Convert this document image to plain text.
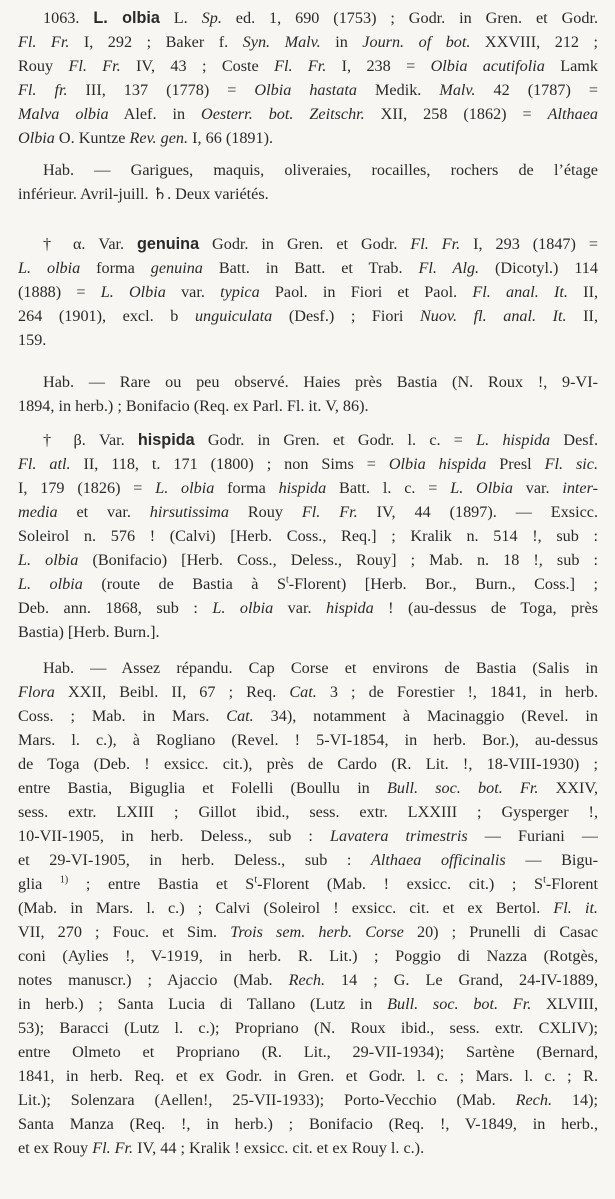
1063. L. olbia L. Sp. ed. 1, 690 (1753) ; Godr. in Gren. et Godr.
Fl. Fr. I, 292 ; Baker f. Syn. Malv. in Journ. of bot. XXVIII, 212 ;
Rouy Fl. Fr. IV, 43 ; Coste Fl. Fr. I, 238 = Olbia acutifolia Lamk
Fl. fr. III, 137 (1778) = Olbia hastata Medik. Malv. 42 (1787) =
Malva olbia Alef. in Oesterr. bot. Zeitschr. XII, 258 (1862) = Althaea
Olbia O. Kuntze Rev. gen. I, 66 (1891).
Hab. — Garigues, maquis, oliveraies, rocailles, rochers de l’étage
inférieur. Avril-juill. ♄. Deux variétés.
† α. Var. genuina Godr. in Gren. et Godr. Fl. Fr. I, 293 (1847) =
L. olbia forma genuina Batt. in Batt. et Trab. Fl. Alg. (Dicotyl.) 114
(1888) = L. Olbia var. typica Paol. in Fiori et Paol. Fl. anal. It. II,
264 (1901), excl. b unguiculata (Desf.) ; Fiori Nuov. fl. anal. It. II,
159.
Hab. — Rare ou peu observé. Haies près Bastia (N. Roux !, 9-VI-
1894, in herb.) ; Bonifacio (Req. ex Parl. Fl. it. V, 86).
† β. Var. hispida Godr. in Gren. et Godr. l. c. = L. hispida Desf.
Fl. atl. II, 118, t. 171 (1800) ; non Sims = Olbia hispida Presl Fl. sic.
I, 179 (1826) = L. olbia forma hispida Batt. l. c. = L. Olbia var. inter-
media et var. hirsutissima Rouy Fl. Fr. IV, 44 (1897). — Exsicc.
Soleirol n. 576 ! (Calvi) [Herb. Coss., Req.] ; Kralik n. 514 !, sub :
L. olbia (Bonifacio) [Herb. Coss., Deless., Rouy] ; Mab. n. 18 !, sub :
L. olbia (route de Bastia à $S^t-Florent$) [Herb. Bor., Burn., Coss.] ;
Deb. ann. 1868, sub : L. olbia var. hispida ! (au-dessus de Toga, près
Bastia) [Herb. Burn.].
Hab. — Assez répandu. Cap Corse et environs de Bastia (Salis in
Flora XXII, Beibl. II, 67 ; Req. Cat. 3 ; de Forestier !, 1841, in herb.
Coss. ; Mab. in Mars. Cat. 34), notamment à Macinaggio (Revel. in
Mars. l. c.), à Rogliano (Revel. ! 5-VI-1854, in herb. Bor.), au-dessus
de Toga (Deb. ! exsicc. cit.), près de Cardo (R. Lit. !, 18-VIII-1930) ;
entre Bastia, Biguglia et Folelli (Boullu in Bull. soc. bot. Fr. XXIV,
sess. extr. LXIII ; Gillot ibid., sess. extr. LXXIII ; Gysperger !,
10-VII-1905, in herb. Deless., sub : Lavatera trimestris — Furiani —
et 29-VI-1905, in herb. Deless., sub : Althaea officinalis — Bigu-
glia $^{1)}$ ; entre Bastia et $S^t$-Florent (Mab. ! exsicc. cit.) ; $S^t$-Florent
(Mab. in Mars. l. c.) ; Calvi (Soleirol ! exsicc. cit. et ex Bertol. Fl. it.
VII, 270 ; Fouc. et Sim. Trois sem. herb. Corse 20) ; Prunelli di Casac
coni (Aylies !, V-1919, in herb. R. Lit.) ; Poggio di Nazza (Rotgès,
notes manuscr.) ; Ajaccio (Mab. Rech. 14 ; G. Le Grand, 24-IV-1889,
in herb.) ; Santa Lucia di Tallano (Lutz in Bull. soc. bot. Fr. XLVIII,
53); Baracci (Lutz l. c.); Propriano (N. Roux ibid., sess. extr. CXLIV);
entre Olmeto et Propriano (R. Lit., 29-VII-1934); Sartène (Bernard,
1841, in herb. Req. et ex Godr. in Gren. et Godr. l. c. ; Mars. l. c. ; R.
Lit.); Solenzara (Aellen!, 25-VII-1933); Porto-Vecchio (Mab. Rech. 14);
Santa Manza (Req. !, in herb.) ; Bonifacio (Req. !, V-1849, in herb.,
et ex Rouy Fl. Fr. IV, 44 ; Kralik ! exsicc. cit. et ex Rouy l. c.).
